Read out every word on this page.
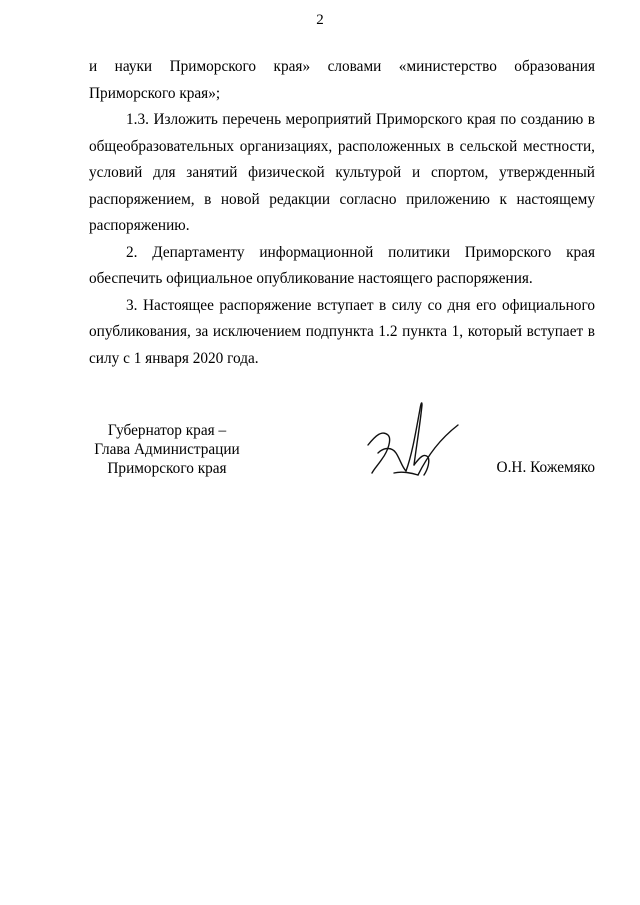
2

и науки Приморского края» словами «министерство образования Приморского края»;

1.3. Изложить перечень мероприятий Приморского края по созданию в общеобразовательных организациях, расположенных в сельской местности, условий для занятий физической культурой и спортом, утвержденный распоряжением, в новой редакции согласно приложению к настоящему распоряжению.

2. Департаменту информационной политики Приморского края обеспечить официальное опубликование настоящего распоряжения.

3. Настоящее распоряжение вступает в силу со дня его официального опубликования, за исключением подпункта 1.2 пункта 1, который вступает в силу с 1 января 2020 года.

Губернатор края –
Глава Администрации
Приморского края	О.Н. Кожемяко
